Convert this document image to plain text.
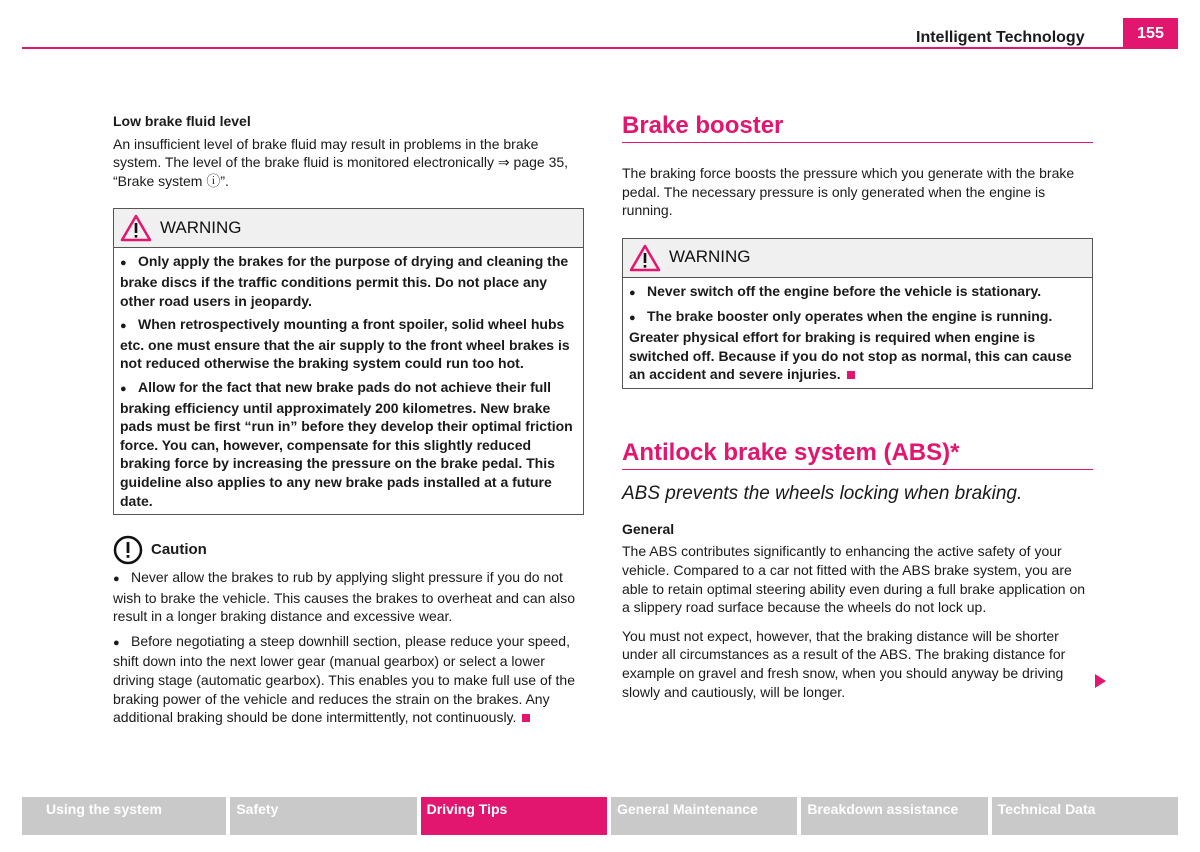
Intelligent Technology	155

Low brake fluid level

An insufficient level of brake fluid may result in problems in the brake system. The level of the brake fluid is monitored electronically ⇒ page 35, “Brake system ⓘ”.

WARNING
●Only apply the brakes for the purpose of drying and cleaning the brake discs if the traffic conditions permit this. Do not place any other road users in jeopardy.
●When retrospectively mounting a front spoiler, solid wheel hubs etc. one must ensure that the air supply to the front wheel brakes is not reduced otherwise the braking system could run too hot.
●Allow for the fact that new brake pads do not achieve their full braking efficiency until approximately 200 kilometres. New brake pads must be first “run in” before they develop their optimal friction force. You can, however, compensate for this slightly reduced braking force by increasing the pressure on the brake pedal. This guideline also applies to any new brake pads installed at a future date.
Caution
●Never allow the brakes to rub by applying slight pressure if you do not wish to brake the vehicle. This causes the brakes to overheat and can also result in a longer braking distance and excessive wear.
●Before negotiating a steep downhill section, please reduce your speed, shift down into the next lower gear (manual gearbox) or select a lower driving stage (automatic gearbox). This enables you to make full use of the braking power of the vehicle and reduces the strain on the brakes. Any additional braking should be done intermittently, not continuously.
Brake booster

The braking force boosts the pressure which you generate with the brake pedal. The necessary pressure is only generated when the engine is running.

WARNING
●Never switch off the engine before the vehicle is stationary.
●The brake booster only operates when the engine is running. Greater physical effort for braking is required when engine is switched off. Because if you do not stop as normal, this can cause an accident and severe injuries.
Antilock brake system (ABS)*

ABS prevents the wheels locking when braking.

General

The ABS contributes significantly to enhancing the active safety of your vehicle. Compared to a car not fitted with the ABS brake system, you are able to retain optimal steering ability even during a full brake application on a slippery road surface because the wheels do not lock up.

You must not expect, however, that the braking distance will be shorter under all circumstances as a result of the ABS. The braking distance for example on gravel and fresh snow, when you should anyway be driving slowly and cautiously, will be longer.

Using the system	Safety	Driving Tips	General Maintenance	Breakdown assistance	Technical Data
